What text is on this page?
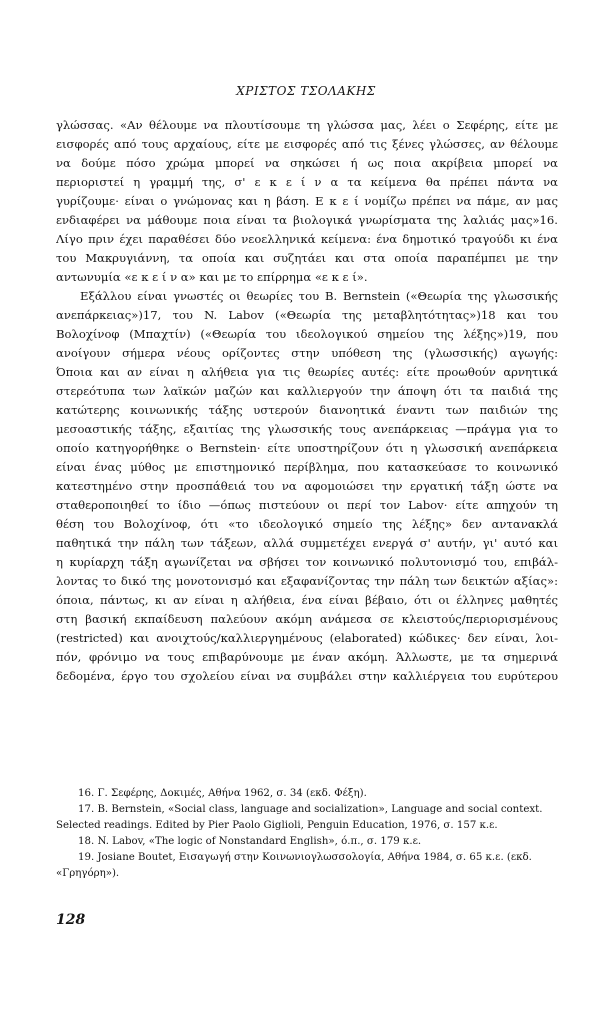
ΧΡΙΣΤΟΣ ΤΣΟΛΑΚΗΣ
γλώσσας. «Αν θέλουμε να πλουτίσουμε τη γλώσσα μας, λέει ο Σεφέρης, είτε με
εισφορές από τους αρχαίους, είτε με εισφορές από τις ξένες γλώσσες, αν θέλουμε
να δούμε πόσο χρώμα μπορεί να σηκώσει ή ως ποια ακρίβεια μπορεί να
περιοριστεί η γραμμή της, σ' ε κ ε ί ν α τα κείμενα θα πρέπει πάντα να
γυρίζουμε· είναι ο γνώμονας και η βάση. Ε κ ε ί νομίζω πρέπει να πάμε, αν μας
ενδιαφέρει να μάθουμε ποια είναι τα βιολογικά γνωρίσματα της λαλιάς μας»16.
Λίγο πριν έχει παραθέσει δύο νεοελληνικά κείμενα: ένα δημοτικό τραγούδι κι ένα
του Μακρυγιάννη, τα οποία και συζητάει και στα οποία παραπέμπει με την
αντωνυμία «ε κ ε ί ν α» και με το επίρρημα «ε κ ε ί».
Εξάλλου είναι γνωστές οι θεωρίες του B. Bernstein («Θεωρία της γλωσσικής
ανεπάρκειας»)17, του N. Labov («Θεωρία της μεταβλητότητας»)18 και του
Βολοχίνοφ (Μπαχτίν) («Θεωρία του ιδεολογικού σημείου της λέξης»)19, που
ανοίγουν σήμερα νέους ορίζοντες στην υπόθεση της (γλωσσικής) αγωγής:
Όποια και αν είναι η αλήθεια για τις θεωρίες αυτές: είτε προωθούν αρνητικά
στερεότυπα των λαϊκών μαζών και καλλιεργούν την άποψη ότι τα παιδιά της
κατώτερης κοινωνικής τάξης υστερούν διανοητικά έναντι των παιδιών της
μεσοαστικής τάξης, εξαιτίας της γλωσσικής τους ανεπάρκειας —πράγμα για το
οποίο κατηγορήθηκε ο Bernstein· είτε υποστηρίζουν ότι η γλωσσική ανεπάρκεια
είναι ένας μύθος με επιστημονικό περίβλημα, που κατασκεύασε το κοινωνικό
κατεστημένο στην προσπάθειά του να αφομοιώσει την εργατική τάξη ώστε να
σταθεροποιηθεί το ίδιο —όπως πιστεύουν οι περί τον Labov· είτε απηχούν τη
θέση του Βολοχίνοφ, ότι «το ιδεολογικό σημείο της λέξης» δεν αντανακλά
παθητικά την πάλη των τάξεων, αλλά συμμετέχει ενεργά σ' αυτήν, γι' αυτό και
η κυρίαρχη τάξη αγωνίζεται να σβήσει τον κοινωνικό πολυτονισμό του, επιβάλ-
λοντας το δικό της μονοτονισμό και εξαφανίζοντας την πάλη των δεικτών αξίας»:
όποια, πάντως, κι αν είναι η αλήθεια, ένα είναι βέβαιο, ότι οι έλληνες μαθητές
στη βασική εκπαίδευση παλεύουν ακόμη ανάμεσα σε κλειστούς/περιορισμένους
(restricted) και ανοιχτούς/καλλιεργημένους (elaborated) κώδικες· δεν είναι, λοι-
πόν, φρόνιμο να τους επιβαρύνουμε με έναν ακόμη. Άλλωστε, με τα σημερινά
δεδομένα, έργο του σχολείου είναι να συμβάλει στην καλλιέργεια του ευρύτερου
16. Γ. Σεφέρης, Δοκιμές, Αθήνα 1962, σ. 34 (εκδ. Φέξη).
17. B. Bernstein, «Social class, language and socialization», Language and social context.
Selected readings. Edited by Pier Paolo Giglioli, Penguin Education, 1976, σ. 157 κ.ε.
18. N. Labov, «The logic of Nonstandard English», ό.π., σ. 179 κ.ε.
19. Josiane Boutet, Εισαγωγή στην Κοινωνιογλωσσολογία, Αθήνα 1984, σ. 65 κ.ε. (εκδ.
«Γρηγόρη»).
128
